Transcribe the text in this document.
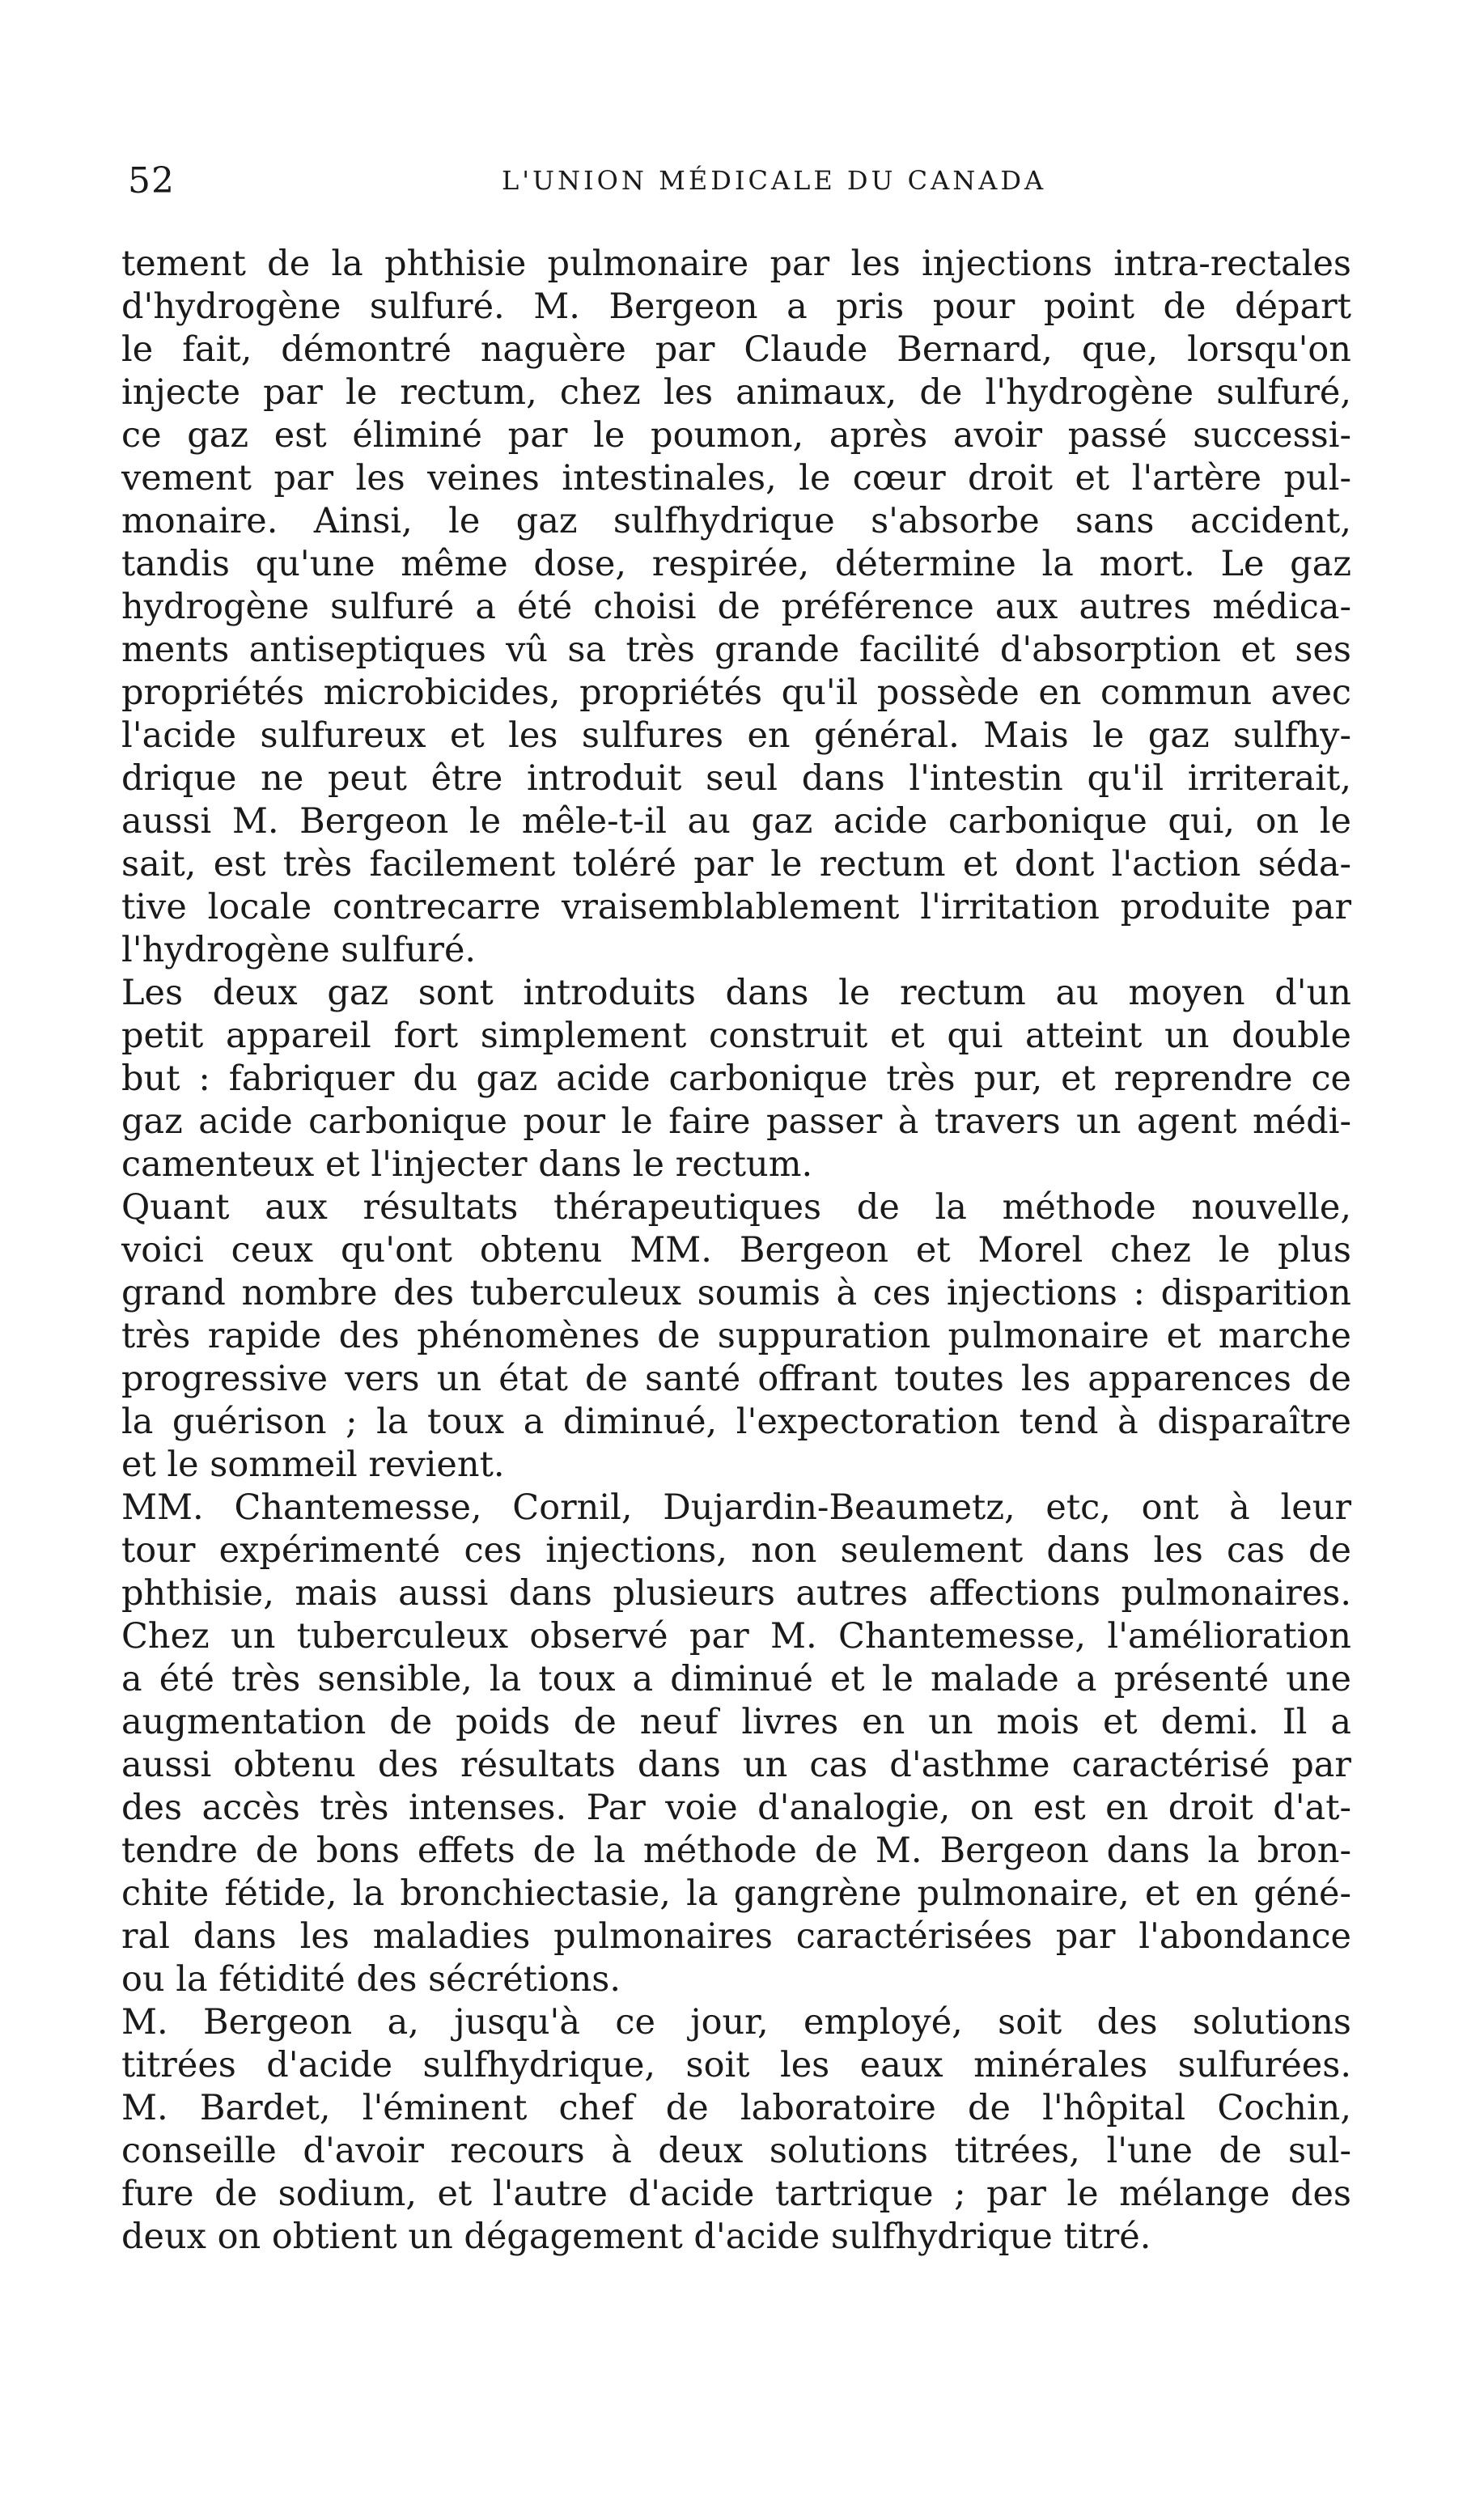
52	L'UNION MÉDICALE DU CANADA
tement de la phthisie pulmonaire par les injections intra-rectales
d'hydrogène sulfuré. M. Bergeon a pris pour point de départ
le fait, démontré naguère par Claude Bernard, que, lorsqu'on
injecte par le rectum, chez les animaux, de l'hydrogène sulfuré,
ce gaz est éliminé par le poumon, après avoir passé successi-
vement par les veines intestinales, le cœur droit et l'artère pul-
monaire. Ainsi, le gaz sulfhydrique s'absorbe sans accident,
tandis qu'une même dose, respirée, détermine la mort. Le gaz
hydrogène sulfuré a été choisi de préférence aux autres médica-
ments antiseptiques vû sa très grande facilité d'absorption et ses
propriétés microbicides, propriétés qu'il possède en commun avec
l'acide sulfureux et les sulfures en général. Mais le gaz sulfhy-
drique ne peut être introduit seul dans l'intestin qu'il irriterait,
aussi M. Bergeon le mêle-t-il au gaz acide carbonique qui, on le
sait, est très facilement toléré par le rectum et dont l'action séda-
tive locale contrecarre vraisemblablement l'irritation produite par
l'hydrogène sulfuré.
Les deux gaz sont introduits dans le rectum au moyen d'un
petit appareil fort simplement construit et qui atteint un double
but : fabriquer du gaz acide carbonique très pur, et reprendre ce
gaz acide carbonique pour le faire passer à travers un agent médi-
camenteux et l'injecter dans le rectum.
Quant aux résultats thérapeutiques de la méthode nouvelle,
voici ceux qu'ont obtenu MM. Bergeon et Morel chez le plus
grand nombre des tuberculeux soumis à ces injections : disparition
très rapide des phénomènes de suppuration pulmonaire et marche
progressive vers un état de santé offrant toutes les apparences de
la guérison ; la toux a diminué, l'expectoration tend à disparaître
et le sommeil revient.
MM. Chantemesse, Cornil, Dujardin-Beaumetz, etc, ont à leur
tour expérimenté ces injections, non seulement dans les cas de
phthisie, mais aussi dans plusieurs autres affections pulmonaires.
Chez un tuberculeux observé par M. Chantemesse, l'amélioration
a été très sensible, la toux a diminué et le malade a présenté une
augmentation de poids de neuf livres en un mois et demi. Il a
aussi obtenu des résultats dans un cas d'asthme caractérisé par
des accès très intenses. Par voie d'analogie, on est en droit d'at-
tendre de bons effets de la méthode de M. Bergeon dans la bron-
chite fétide, la bronchiectasie, la gangrène pulmonaire, et en géné-
ral dans les maladies pulmonaires caractérisées par l'abondance
ou la fétidité des sécrétions.
M. Bergeon a, jusqu'à ce jour, employé, soit des solutions
titrées d'acide sulfhydrique, soit les eaux minérales sulfurées.
M. Bardet, l'éminent chef de laboratoire de l'hôpital Cochin,
conseille d'avoir recours à deux solutions titrées, l'une de sul-
fure de sodium, et l'autre d'acide tartrique ; par le mélange des
deux on obtient un dégagement d'acide sulfhydrique titré.
